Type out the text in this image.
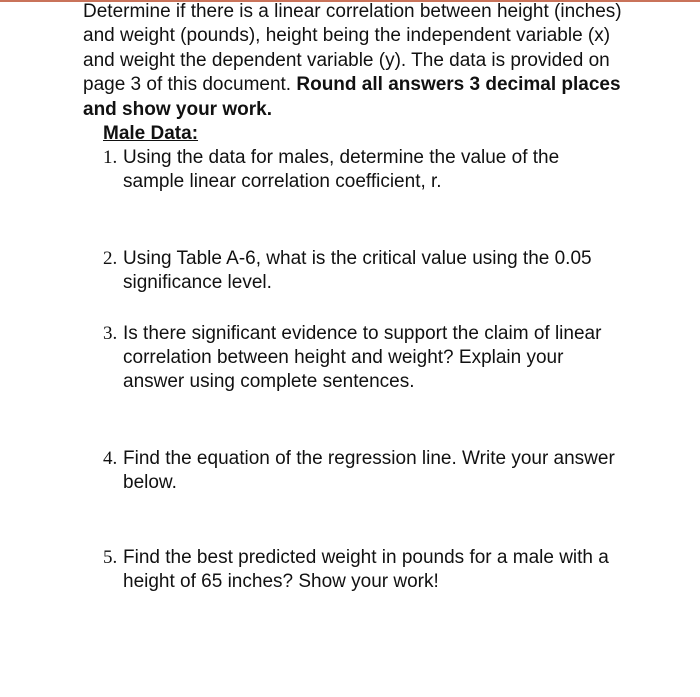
Determine if there is a linear correlation between height (inches) and weight (pounds), height being the independent variable (x) and weight the dependent variable (y). The data is provided on page 3 of this document. Round all answers 3 decimal places and show your work.

Male Data:
1. Using the data for males, determine the value of the sample linear correlation coefficient, r.
2. Using Table A-6, what is the critical value using the 0.05 significance level.
3. Is there significant evidence to support the claim of linear correlation between height and weight? Explain your answer using complete sentences.
4. Find the equation of the regression line. Write your answer below.
5. Find the best predicted weight in pounds for a male with a height of 65 inches? Show your work!
